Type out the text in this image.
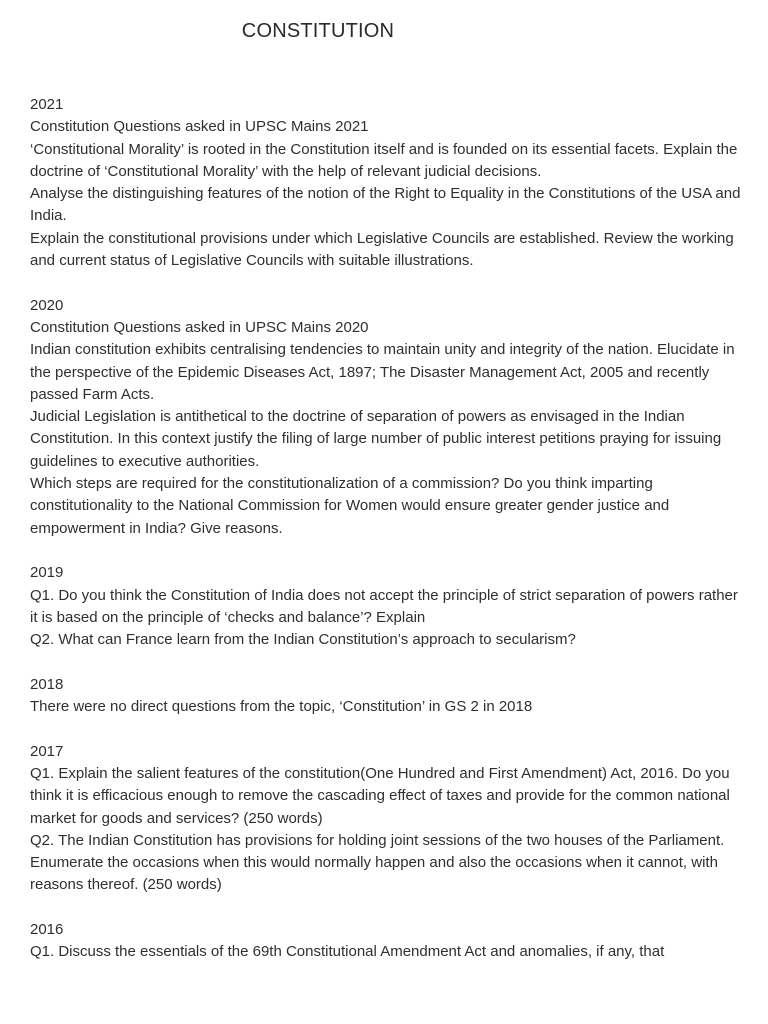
CONSTITUTION
2021
Constitution Questions asked in UPSC Mains 2021
‘Constitutional Morality’ is rooted in the Constitution itself and is founded on its essential facets. Explain the doctrine of ‘Constitutional Morality’ with the help of relevant judicial decisions.
Analyse the distinguishing features of the notion of the Right to Equality in the Constitutions of the USA and India.
Explain the constitutional provisions under which Legislative Councils are established. Review the working and current status of Legislative Councils with suitable illustrations.
2020
Constitution Questions asked in UPSC Mains 2020
Indian constitution exhibits centralising tendencies to maintain unity and integrity of the nation. Elucidate in the perspective of the Epidemic Diseases Act, 1897; The Disaster Management Act, 2005 and recently passed Farm Acts.
Judicial Legislation is antithetical to the doctrine of separation of powers as envisaged in the Indian Constitution. In this context justify the filing of large number of public interest petitions praying for issuing guidelines to executive authorities.
Which steps are required for the constitutionalization of a commission? Do you think imparting constitutionality to the National Commission for Women would ensure greater gender justice and empowerment in India? Give reasons.
2019
Q1. Do you think the Constitution of India does not accept the principle of strict separation of powers rather it is based on the principle of ‘checks and balance’? Explain
Q2. What can France learn from the Indian Constitution’s approach to secularism?
2018
There were no direct questions from the topic, ‘Constitution’ in GS 2 in 2018
2017
Q1. Explain the salient features of the constitution(One Hundred and First Amendment) Act, 2016. Do you think it is efficacious enough to remove the cascading effect of taxes and provide for the common national market for goods and services? (250 words)
Q2. The Indian Constitution has provisions for holding joint sessions of the two houses of the Parliament. Enumerate the occasions when this would normally happen and also the occasions when it cannot, with reasons thereof. (250 words)
2016
Q1. Discuss the essentials of the 69th Constitutional Amendment Act and anomalies, if any, that
